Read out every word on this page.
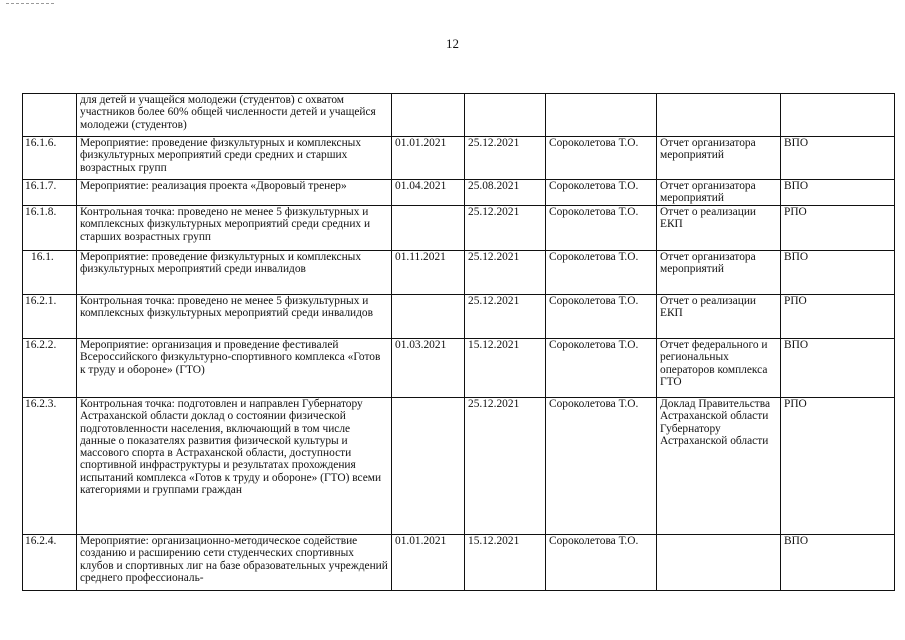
12
	для детей и учащейся молодежи (студентов) с охватом участников более 60% общей численности детей и учащейся молодежи (студентов)					
16.1.6.	Мероприятие: проведение физкультурных и комплексных физкультурных мероприятий среди средних и старших возрастных групп	01.01.2021	25.12.2021	Сороколетова Т.О.	Отчет организатора мероприятий	ВПО
16.1.7.	Мероприятие: реализация проекта «Дворовый тренер»	01.04.2021	25.08.2021	Сороколетова Т.О.	Отчет организатора мероприятий	ВПО
16.1.8.	Контрольная точка: проведено не менее 5 физкультурных и комплексных физкультурных мероприятий среди средних и старших возрастных групп		25.12.2021	Сороколетова Т.О.	Отчет о реализации ЕКП	РПО
16.1.	Мероприятие: проведение физкультурных и комплексных физкультурных мероприятий среди инвалидов	01.11.2021	25.12.2021	Сороколетова Т.О.	Отчет организатора мероприятий	ВПО
16.2.1.	Контрольная точка: проведено не менее 5 физкультурных и комплексных физкультурных мероприятий среди инвалидов		25.12.2021	Сороколетова Т.О.	Отчет о реализации ЕКП	РПО
16.2.2.	Мероприятие: организация и проведение фестивалей Всероссийского физкультурно-спортивного комплекса «Готов к труду и обороне» (ГТО)	01.03.2021	15.12.2021	Сороколетова Т.О.	Отчет федерального и региональных операторов комплекса ГТО	ВПО
16.2.3.	Контрольная точка: подготовлен и направлен Губернатору Астраханской области доклад о состоянии физической подготовленности населения, включающий в том числе данные о показателях развития физической культуры и массового спорта в Астраханской области, доступности спортивной инфраструктуры и результатах прохождения испытаний комплекса «Готов к труду и обороне» (ГТО) всеми категориями и группами граждан		25.12.2021	Сороколетова Т.О.	Доклад Правительства Астраханской области Губернатору Астраханской области	РПО
16.2.4.	Мероприятие: организационно-методическое содействие созданию и расширению сети студенческих спортивных клубов и спортивных лиг на базе образовательных учреждений среднего профессиональ-	01.01.2021	15.12.2021	Сороколетова Т.О.		ВПО
